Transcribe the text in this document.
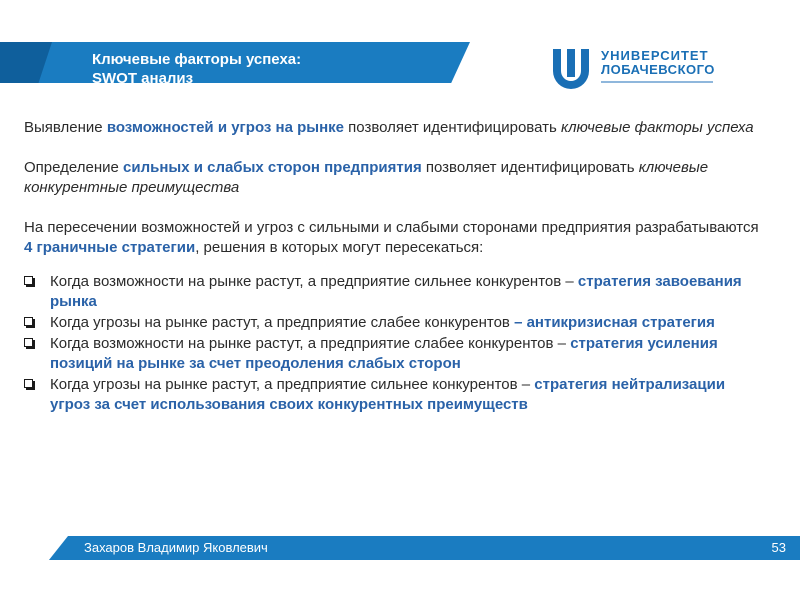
Ключевые факторы успеха:
SWOT анализ
УНИВЕРСИТЕТ
ЛОБАЧЕВСКОГО

Выявление возможностей и угроз на рынке позволяет идентифицировать ключевые факторы успеха

Определение сильных и слабых сторон предприятия позволяет идентифицировать ключевые конкурентные преимущества

На пересечении возможностей и угроз с сильными и слабыми сторонами предприятия разрабатываются 4 граничные стратегии, решения в которых могут пересекаться:

Когда возможности на рынке растут, а предприятие сильнее конкурентов – стратегия завоевания рынка
Когда угрозы на рынке растут, а предприятие слабее конкурентов – антикризисная стратегия
Когда возможности на рынке растут, а предприятие слабее конкурентов – стратегия усиления позиций на рынке за счет преодоления слабых сторон
Когда угрозы на рынке растут, а предприятие сильнее конкурентов – стратегия нейтрализации угроз за счет использования своих конкурентных преимуществ
Захаров Владимир Яковлевич	53
